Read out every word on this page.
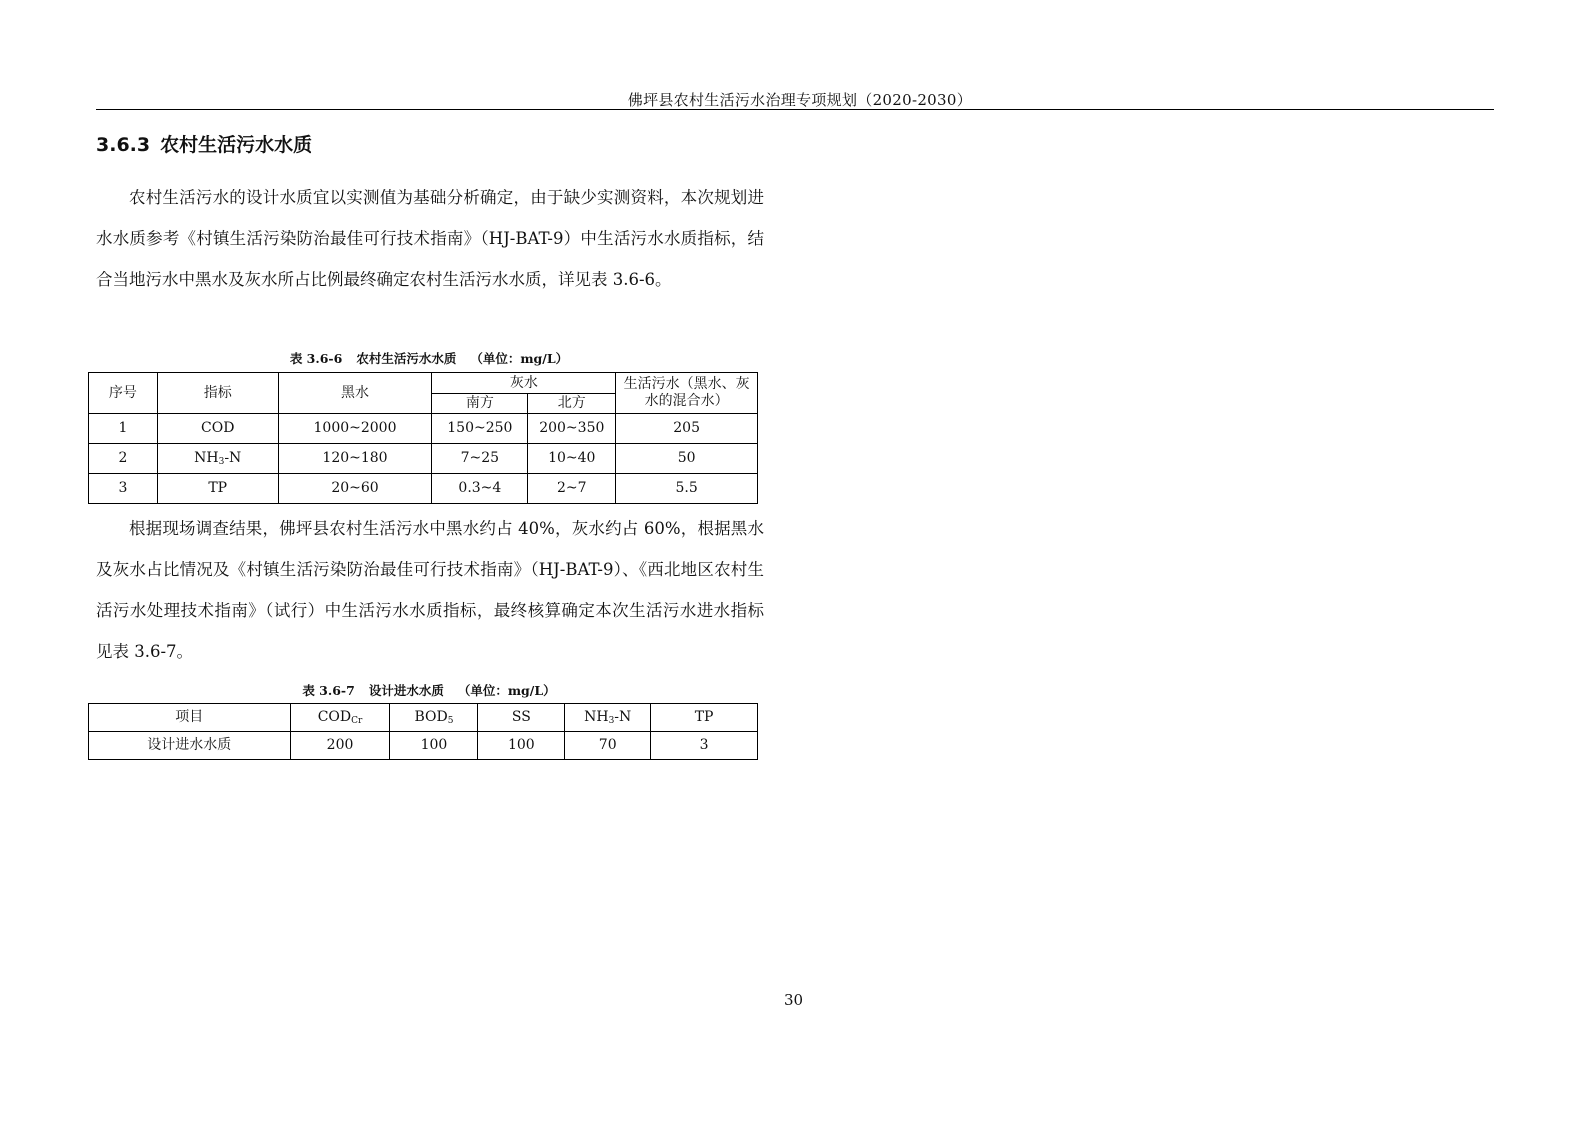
佛坪县农村生活污水治理专项规划（2020-2030）
3.6.3 农村生活污水水质

农村生活污水的设计水质宜以实测值为基础分析确定，由于缺少实测资料，本次规划进水水质参考《村镇生活污染防治最佳可行技术指南》（HJ-BAT-9）中生活污水水质指标，结合当地污水中黑水及灰水所占比例最终确定农村生活污水水质，详见表 3.6-6。

表 3.6-6 农村生活污水水质 （单位：mg/L）
序号	指标	黑水	灰水		生活污水（黑水、灰水的混合水）
			南方	北方	
1	COD	1000~2000	150~250	200~350	205
2	$NH_3-N$	120~180	7~25	10~40	50
3	TP	20~60	0.3~4	2~7	5.5

根据现场调查结果，佛坪县农村生活污水中黑水约占 40%，灰水约占 60%，根据黑水及灰水占比情况及《村镇生活污染防治最佳可行技术指南》（HJ-BAT-9）、《西北地区农村生活污水处理技术指南》（试行）中生活污水水质指标，最终核算确定本次生活污水进水指标见表 3.6-7。

表 3.6-7 设计进水水质 （单位：mg/L）
项目	$COD_{Cr}$	$BOD_5$	SS	$NH_3-N$	TP
设计进水水质	200	100	100	70	3
30
